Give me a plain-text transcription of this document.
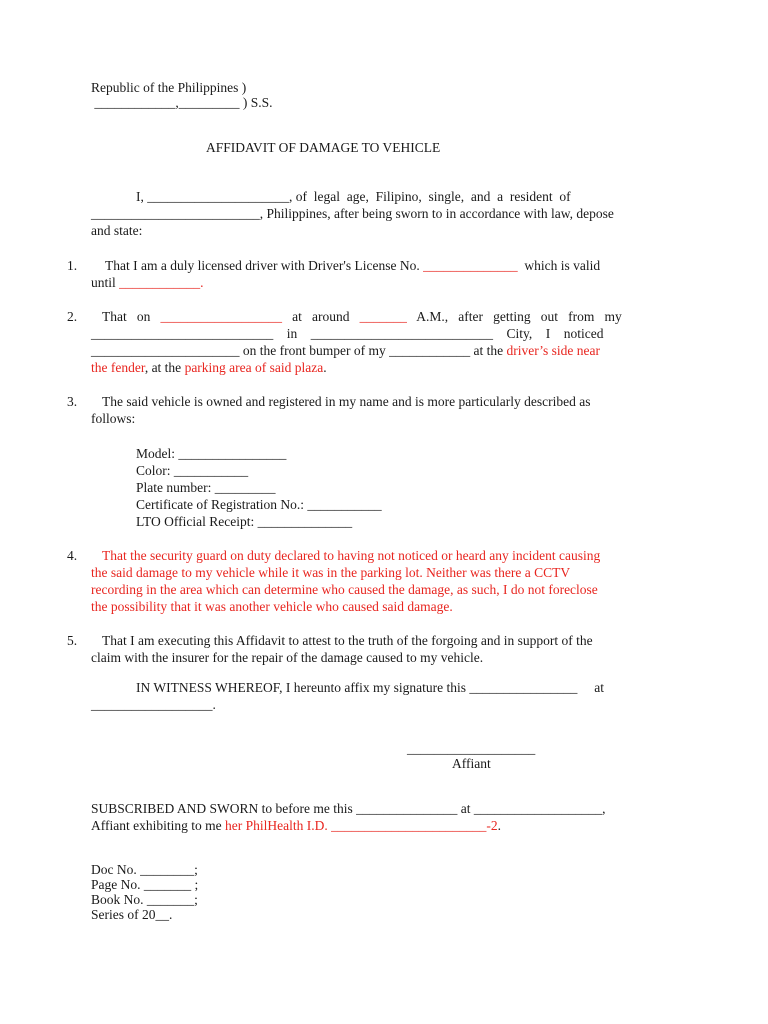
Republic of the Philippines )
____________,_________ ) S.S.
AFFIDAVIT OF DAMAGE TO VEHICLE
I, _____________________, of  legal  age,  Filipino,  single,  and  a  resident  of
_________________________, Philippines, after being sworn to in accordance with law, depose
and state:
1. That I am a duly licensed driver with Driver's License No. ______________  which is valid
until ____________.
2. That   on   __________________   at   around   _______   A.M.,   after   getting   out   from   my
___________________________    in    ___________________________    City,    I    noticed
______________________ on the front bumper of my ____________ at the driver’s side near
the fender, at the parking area of said plaza.
3. The said vehicle is owned and registered in my name and is more particularly described as
follows:
Model: ________________
Color: ___________
Plate number: _________
Certificate of Registration No.: ___________
LTO Official Receipt: ______________
4. That the security guard on duty declared to having not noticed or heard any incident causing
the said damage to my vehicle while it was in the parking lot. Neither was there a CCTV
recording in the area which can determine who caused the damage, as such, I do not foreclose
the possibility that it was another vehicle who caused said damage.
5. That I am executing this Affidavit to attest to the truth of the forgoing and in support of the
claim with the insurer for the repair of the damage caused to my vehicle.
IN WITNESS WHEREOF, I hereunto affix my signature this ________________     at
__________________.
___________________
Affiant
SUBSCRIBED AND SWORN to before me this _______________ at ___________________,
Affiant exhibiting to me her PhilHealth I.D. _______________________-2.
Doc No. ________;
Page No. _______ ;
Book No. _______;
Series of 20__.
